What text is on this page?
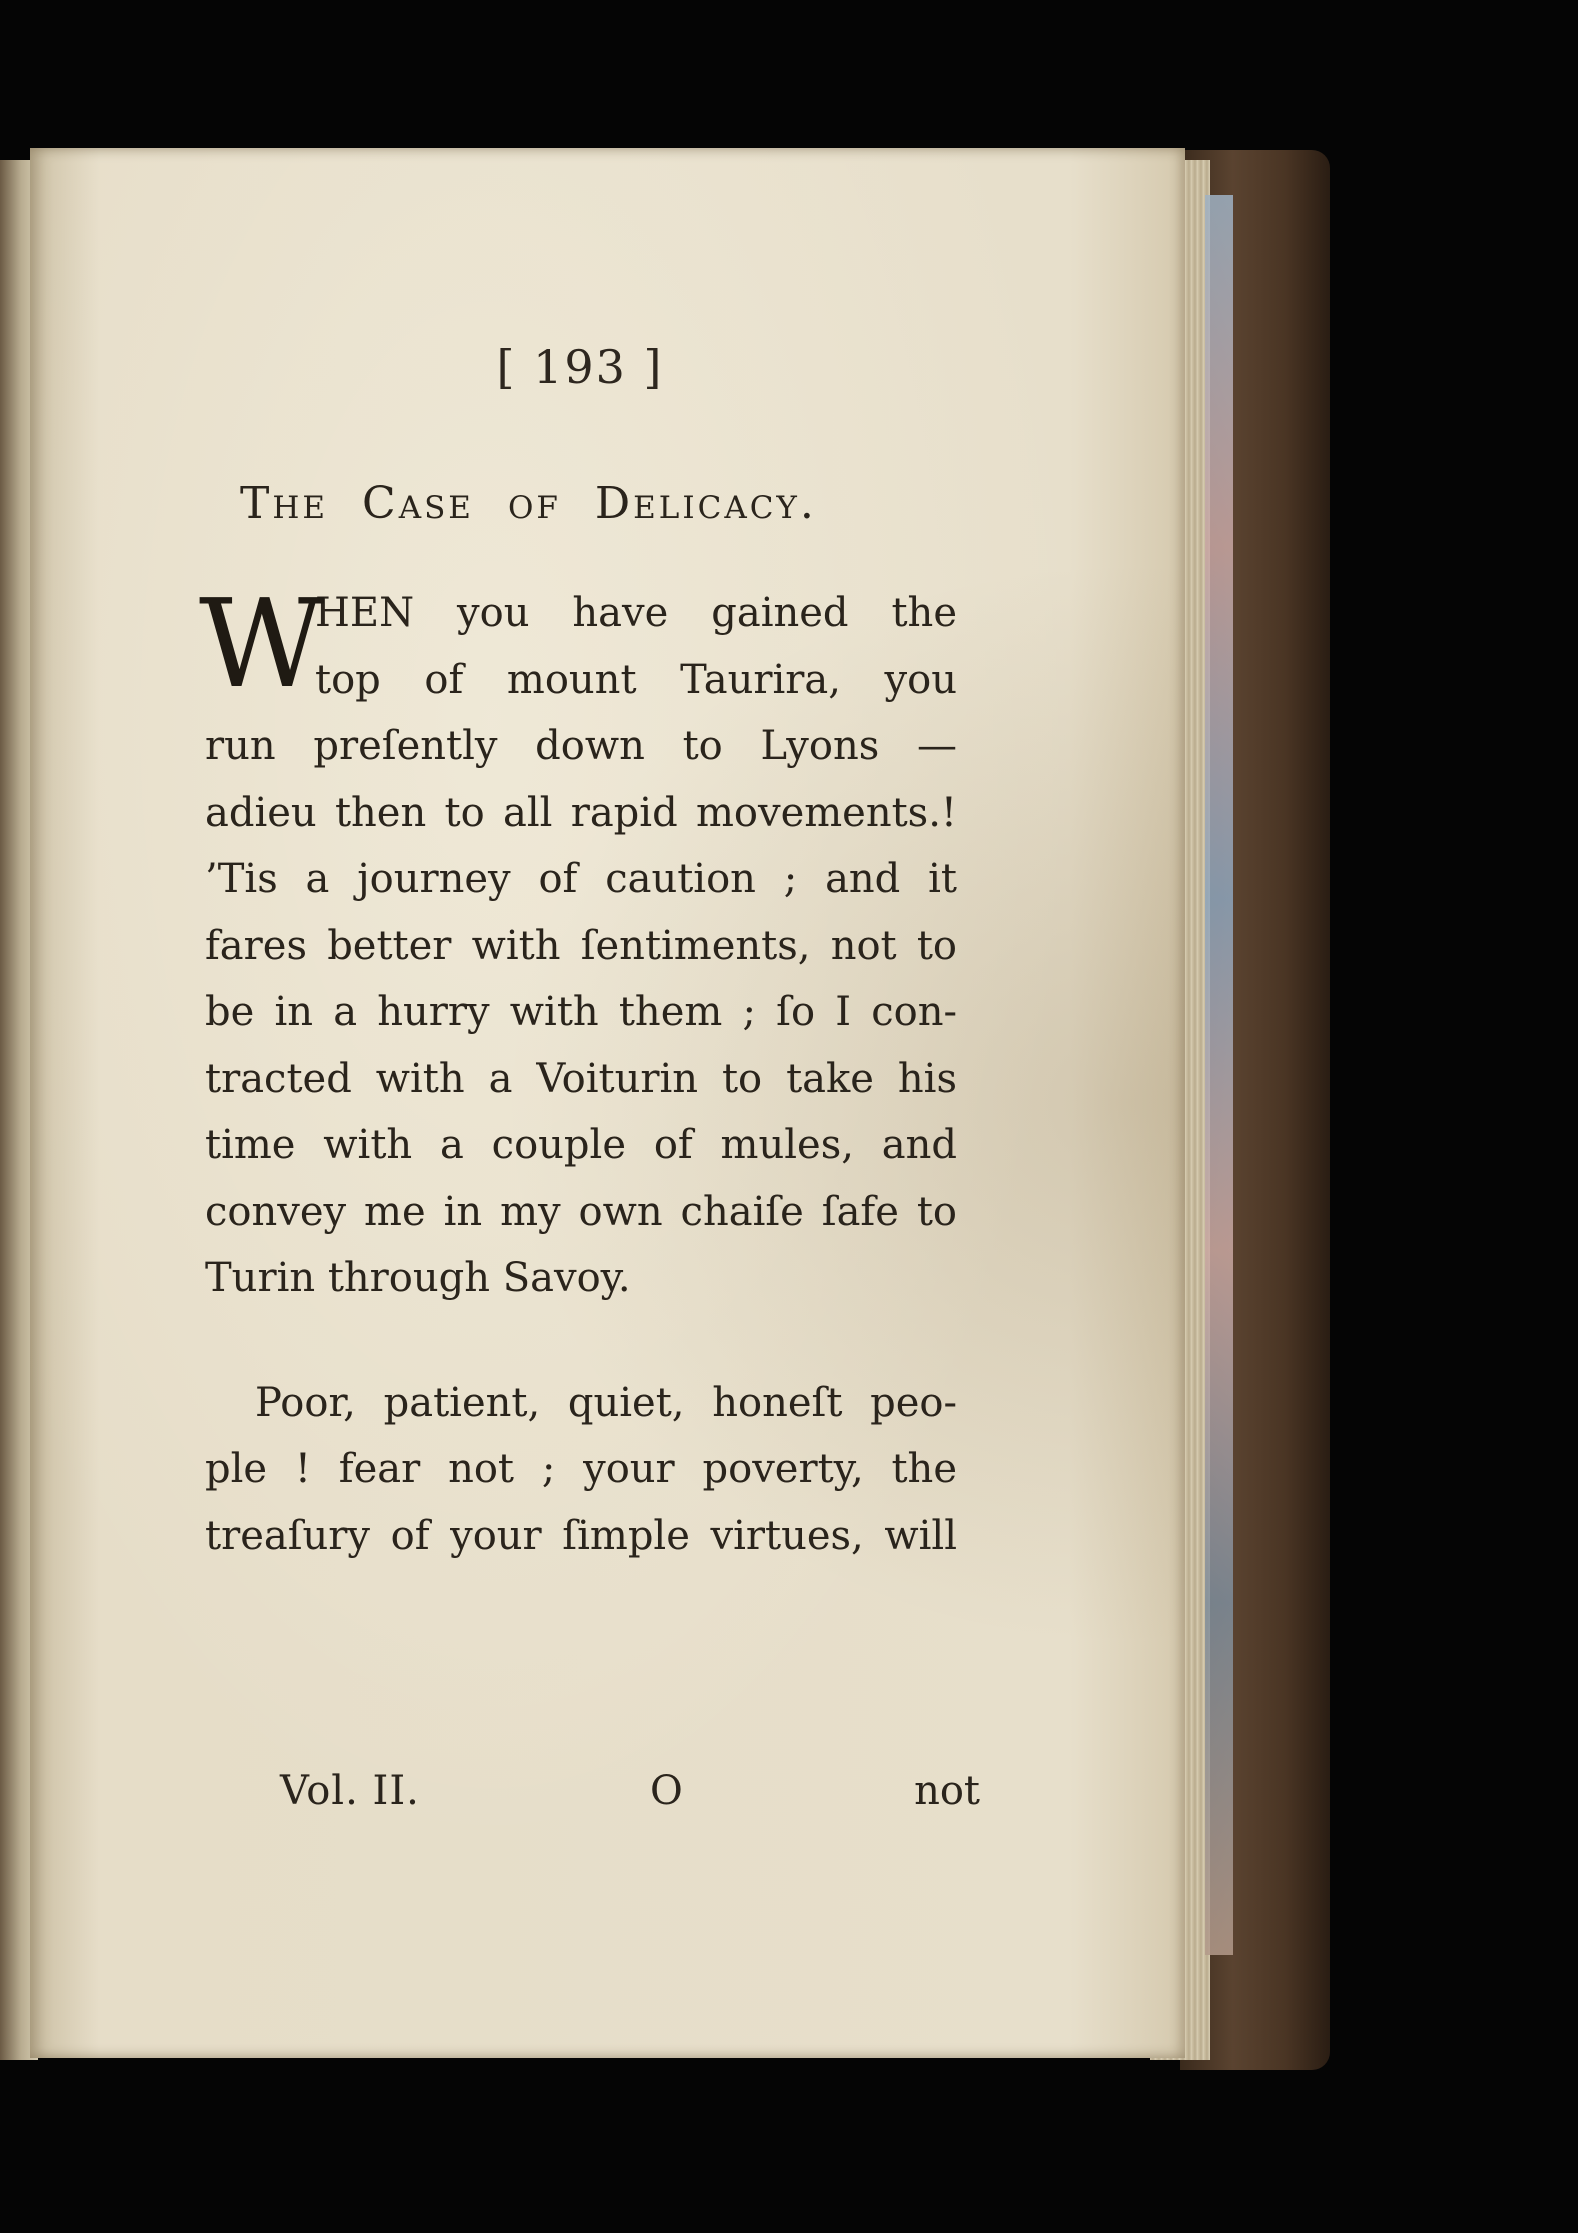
[ 193 ]
The Case of Delicacy.
W
HEN you have gained the
top of mount Taurira, you
run preſently down to Lyons —
adieu then to all rapid movements.!
’Tis a journey of caution ; and it
fares better with ſentiments, not to
be in a hurry with them ; ſo I con-
tracted with a Voiturin to take his
time with a couple of mules, and
convey me in my own chaiſe ſafe to
Turin through Savoy.
Poor, patient, quiet, honeſt peo-
ple ! fear not ; your poverty, the
treaſury of your ſimple virtues, will
Vol. II.	O	not
